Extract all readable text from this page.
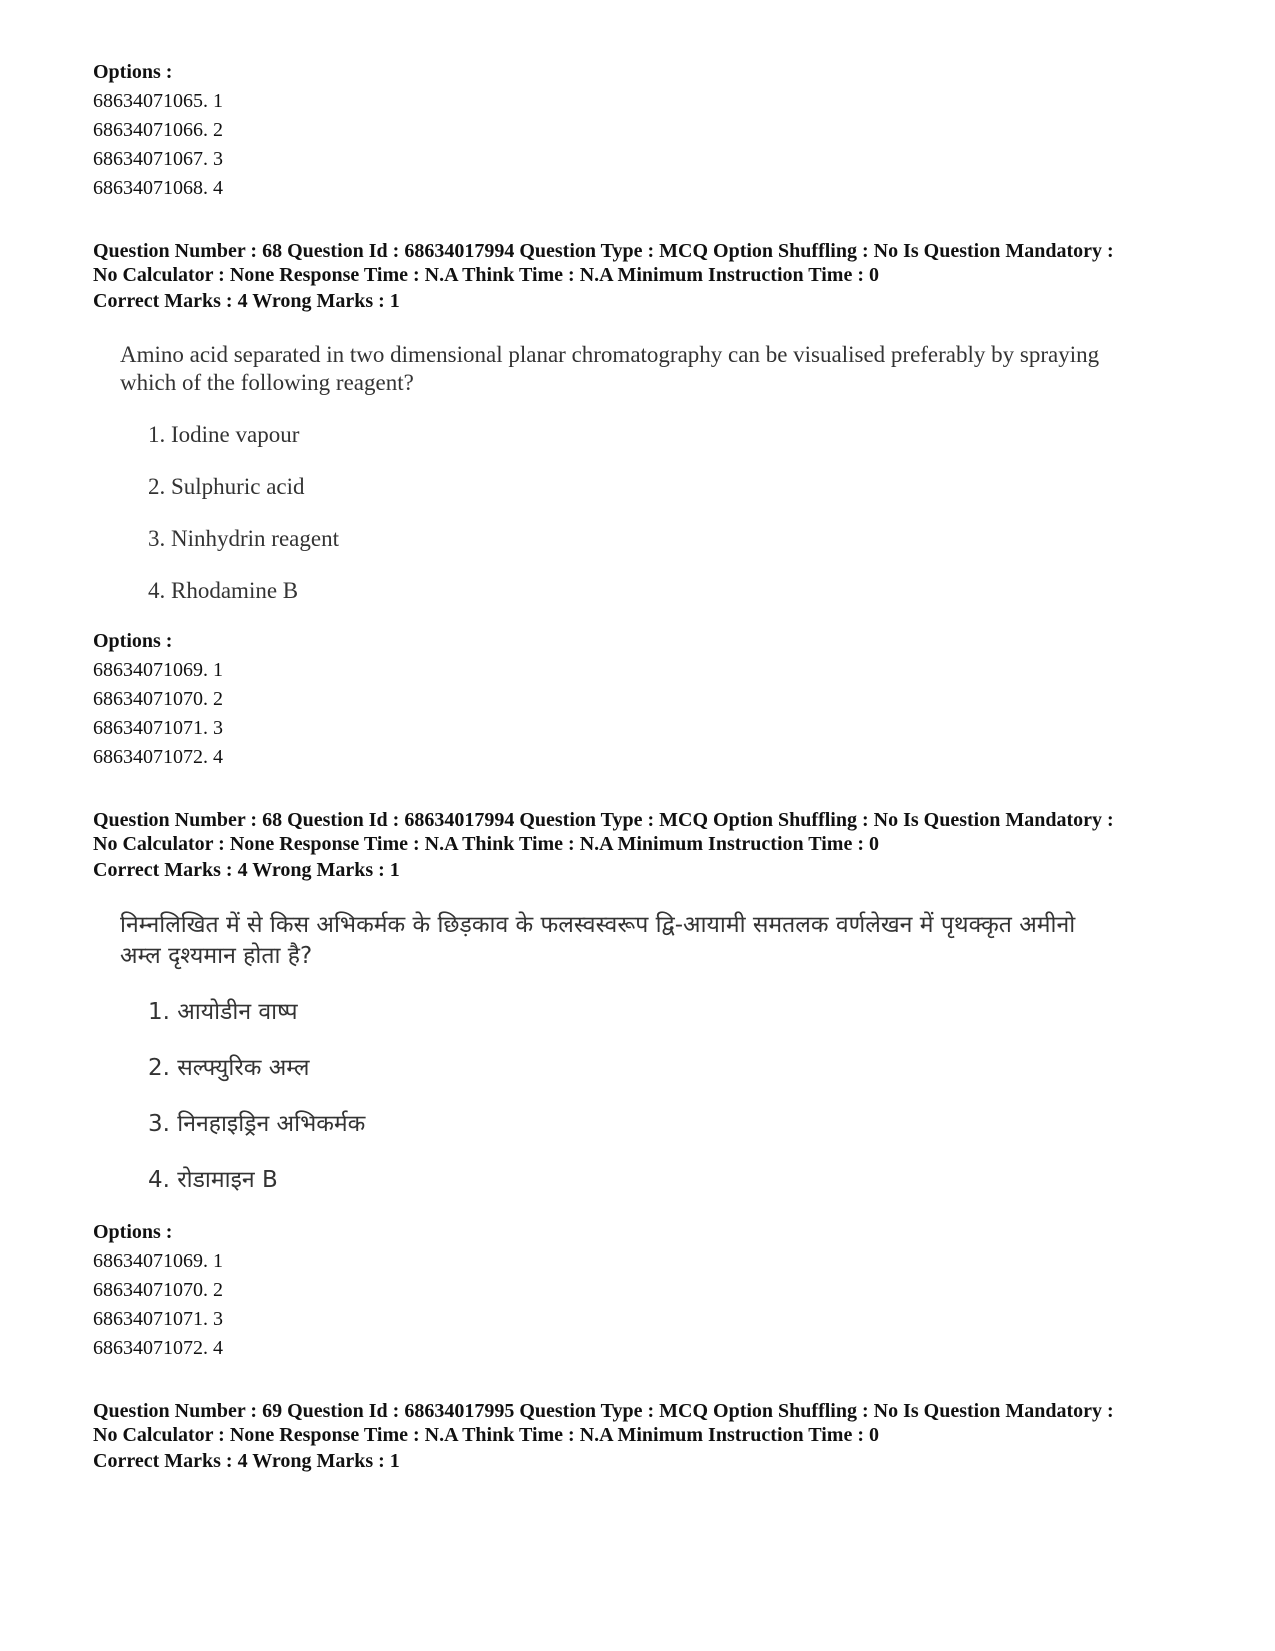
Options :

68634071065. 1

68634071066. 2

68634071067. 3

68634071068. 4

Question Number : 68 Question Id : 68634017994 Question Type : MCQ Option Shuffling : No Is Question Mandatory :

No Calculator : None Response Time : N.A Think Time : N.A Minimum Instruction Time : 0

Correct Marks : 4 Wrong Marks : 1

Amino acid separated in two dimensional planar chromatography can be visualised preferably by spraying

which of the following reagent?

1. Iodine vapour

2. Sulphuric acid

3. Ninhydrin reagent

4. Rhodamine B

Options :

68634071069. 1

68634071070. 2

68634071071. 3

68634071072. 4

Question Number : 68 Question Id : 68634017994 Question Type : MCQ Option Shuffling : No Is Question Mandatory :

No Calculator : None Response Time : N.A Think Time : N.A Minimum Instruction Time : 0

Correct Marks : 4 Wrong Marks : 1

निम्नलिखित में से किस अभिकर्मक के छिड़काव के फलस्वस्वरूप द्वि-आयामी समतलक वर्णलेखन में पृथक्कृत अमीनो

अम्ल दृश्यमान होता है?

1. आयोडीन वाष्प

2. सल्फ्युरिक अम्ल

3. निनहाइड्रिन अभिकर्मक

4. रोडामाइन B

Options :

68634071069. 1

68634071070. 2

68634071071. 3

68634071072. 4

Question Number : 69 Question Id : 68634017995 Question Type : MCQ Option Shuffling : No Is Question Mandatory :

No Calculator : None Response Time : N.A Think Time : N.A Minimum Instruction Time : 0

Correct Marks : 4 Wrong Marks : 1
